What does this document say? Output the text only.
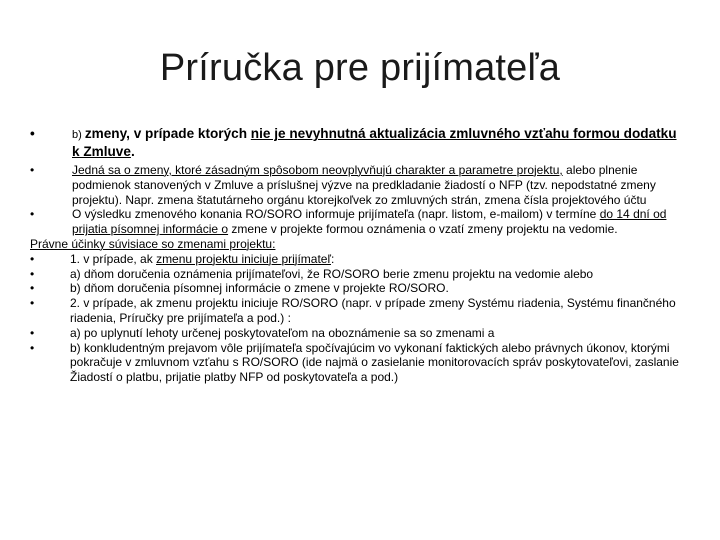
Príručka pre prijímateľa
•	b) zmeny, v prípade ktorých nie je nevyhnutná aktualizácia zmluvného vzťahu formou dodatku k Zmluve.
•	Jedná sa o zmeny, ktoré zásadným spôsobom neovplyvňujú charakter a parametre projektu, alebo plnenie podmienok stanovených v Zmluve a príslušnej výzve na predkladanie žiadostí o NFP (tzv. nepodstatné zmeny projektu). Napr. zmena štatutárneho orgánu ktorejkoľvek zo zmluvných strán, zmena čísla projektového účtu
•	O výsledku zmenového konania RO/SORO informuje prijímateľa (napr. listom, e-mailom) v termíne do 14 dní od prijatia písomnej informácie o zmene v projekte formou oznámenia o vzatí zmeny projektu na vedomie.
Právne účinky súvisiace so zmenami projektu:
•	1. v prípade, ak zmenu projektu iniciuje prijímateľ:
•	a) dňom doručenia oznámenia prijímateľovi, že RO/SORO berie zmenu projektu na vedomie alebo
•	b) dňom doručenia písomnej informácie o zmene v projekte RO/SORO.
•	2. v prípade, ak zmenu projektu iniciuje RO/SORO (napr. v prípade zmeny Systému riadenia, Systému finančného riadenia, Príručky pre prijímateľa a pod.) :
•	a) po uplynutí lehoty určenej poskytovateľom na oboznámenie sa so zmenami a
•	b) konkludentným prejavom vôle prijímateľa spočívajúcim vo vykonaní faktických alebo právnych úkonov, ktorými pokračuje v zmluvnom vzťahu s RO/SORO (ide najmä o zasielanie monitorovacích správ poskytovateľovi, zaslanie Žiadostí o platbu, prijatie platby NFP od poskytovateľa a pod.)
